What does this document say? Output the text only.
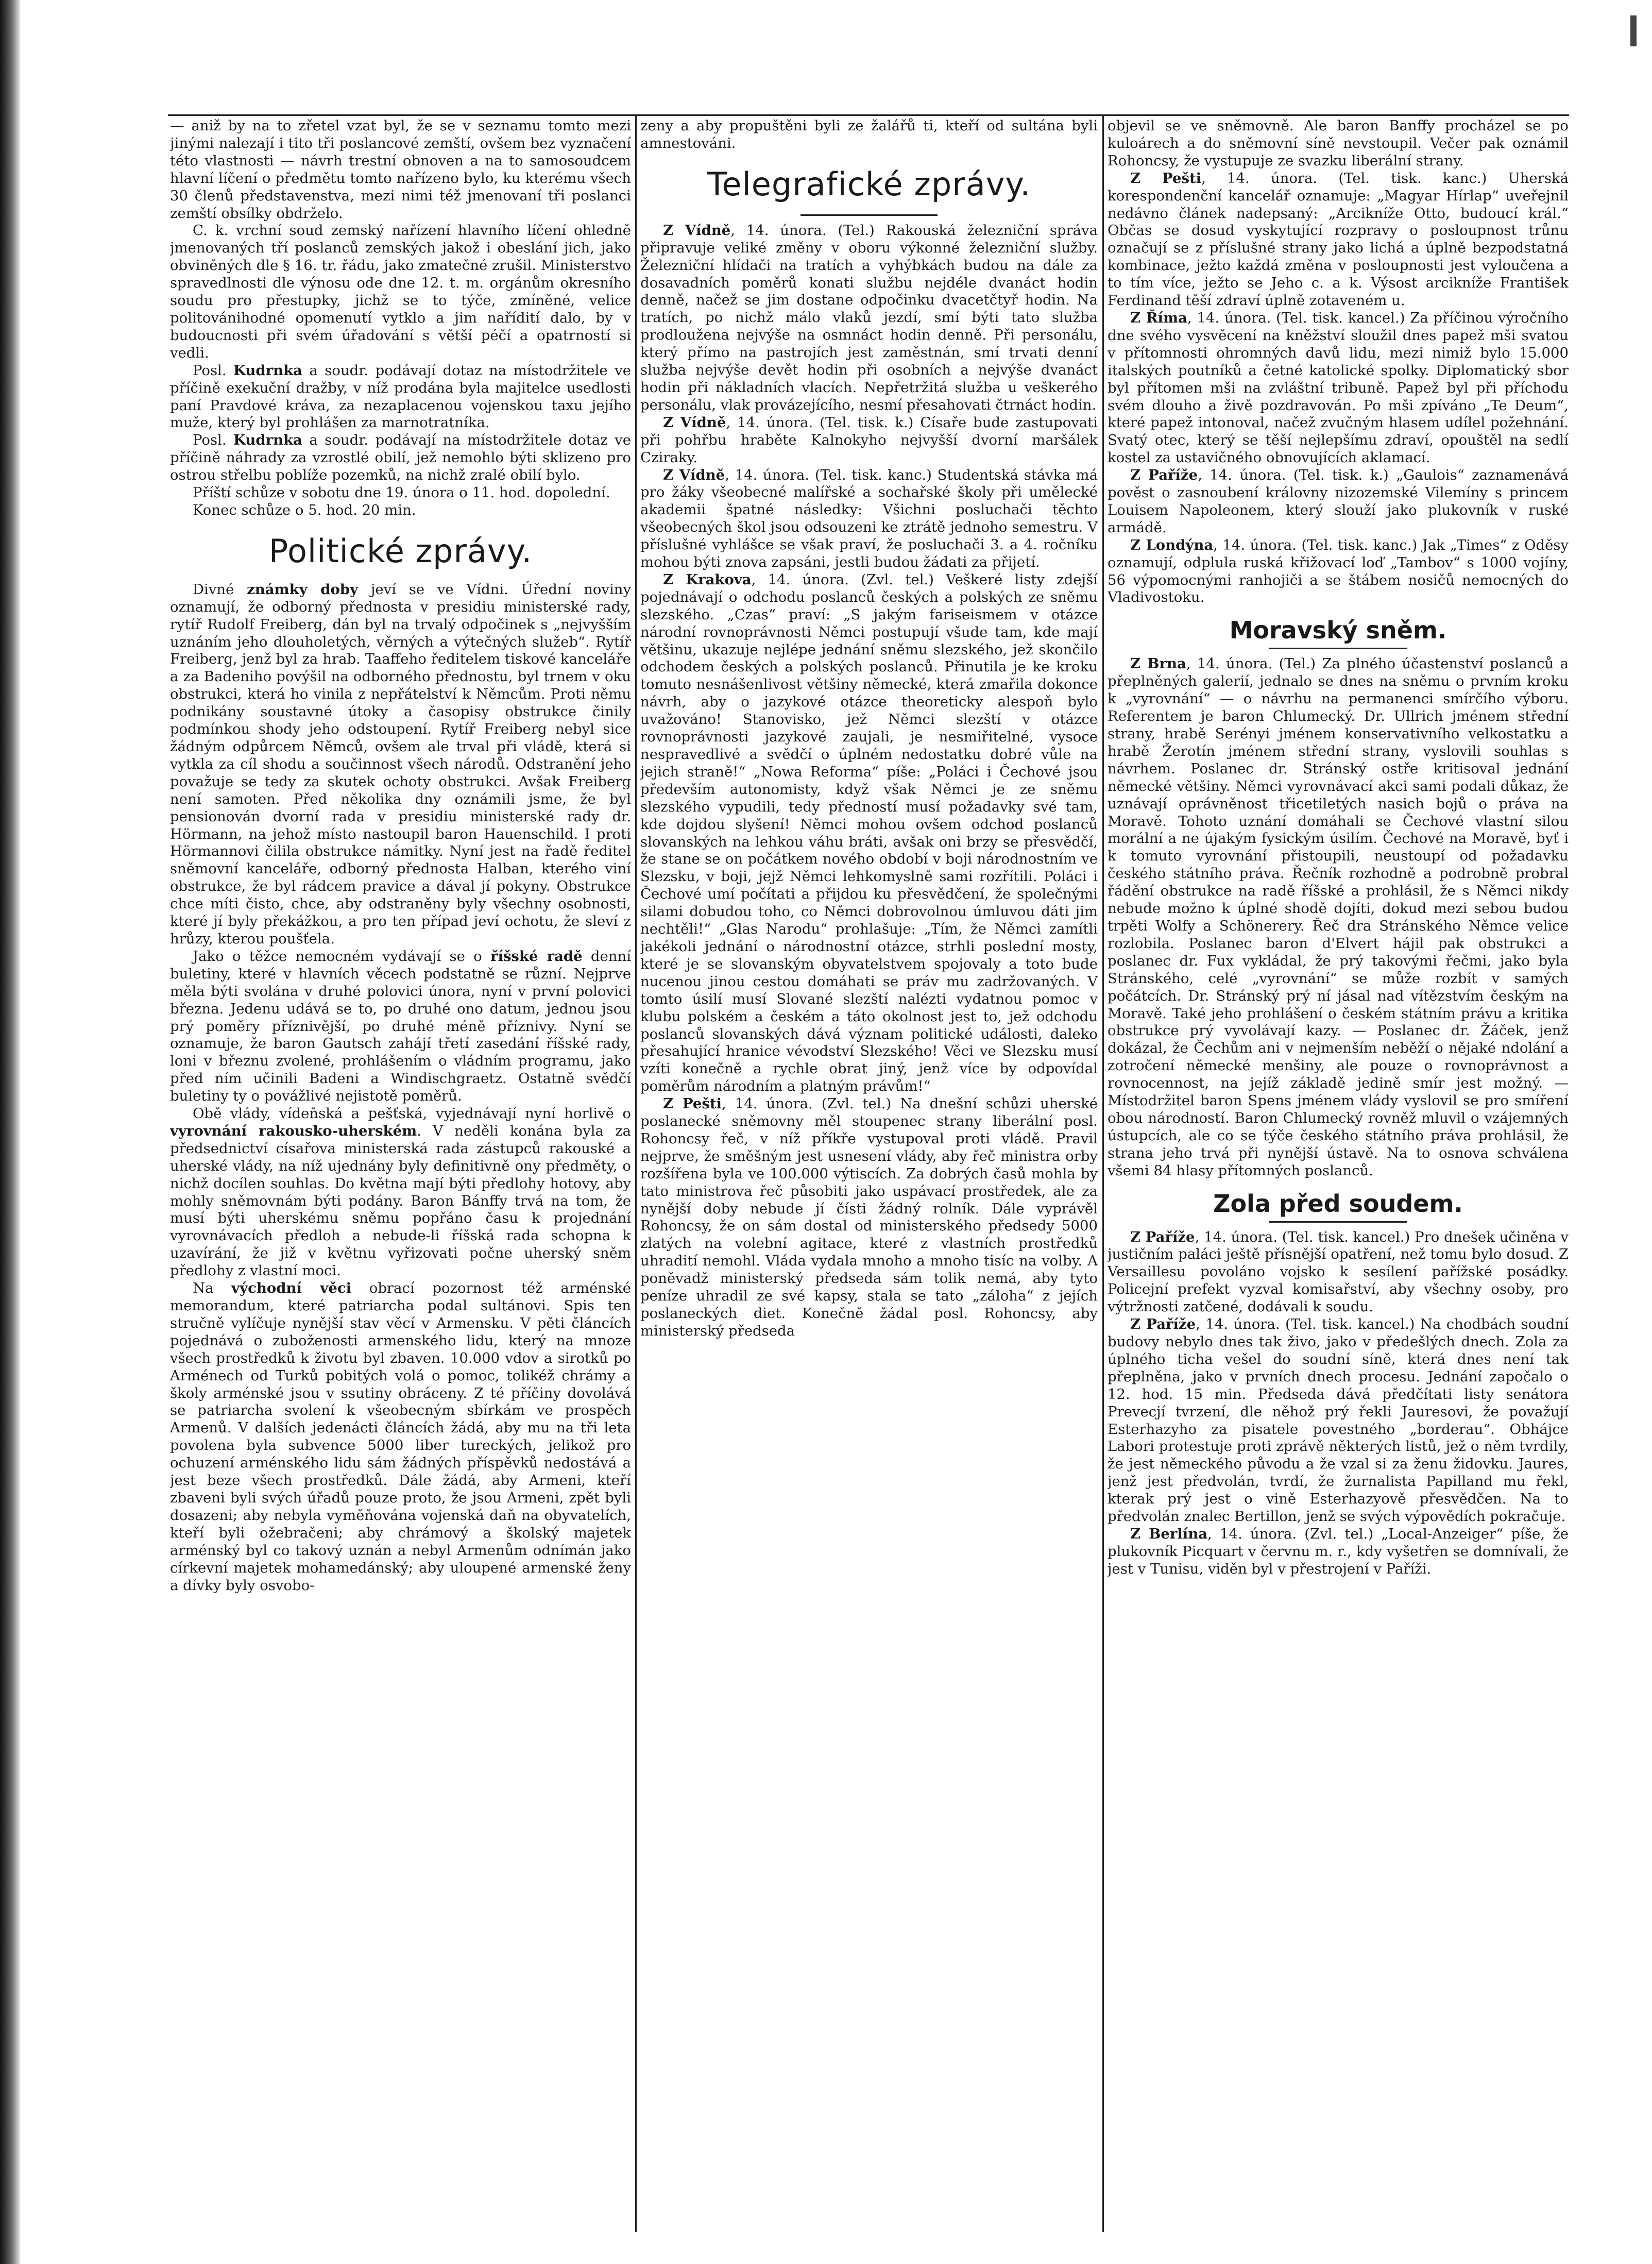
— aniž by na to zřetel vzat byl, že se v seznamu tomto mezi jinými nalezají i tito tři poslancové zemští, ovšem bez vyznačení této vlastnosti — návrh trestní obnoven a na to samosoudcem hlavní líčení o předmětu tomto nařízeno bylo, ku kterému všech 30 členů představenstva, mezi nimi též jmenovaní tři poslanci zemští obsílky obdrželo.

C. k. vrchní soud zemský nařízení hlavního líčení ohledně jmenovaných tří poslanců zemských jakož i obeslání jich, jako obviněných dle § 16. tr. řádu, jako zmatečné zrušil. Ministerstvo spravedlnosti dle výnosu ode dne 12. t. m. orgánům okresního soudu pro přestupky, jichž se to týče, zmíněné, velice politovánihodné opomenutí vytklo a jim nařídití dalo, by v budoucnosti při svém úřadování s větší péčí a opatrností si vedli.

Posl. Kudrnka a soudr. podávají dotaz na místodržitele ve příčině exekuční dražby, v níž prodána byla majitelce usedlosti paní Pravdové kráva, za nezaplacenou vojenskou taxu jejího muže, který byl prohlášen za marnotratníka.

Posl. Kudrnka a soudr. podávají na místodržitele dotaz ve příčině náhrady za vzrostlé obilí, jež nemohlo býti sklizeno pro ostrou střelbu poblíže pozemků, na nichž zralé obilí bylo.

Příští schůze v sobotu dne 19. února o 11. hod. dopolední.

Konec schůze o 5. hod. 20 min.

Politické zprávy.

Divné známky doby jeví se ve Vídni. Úřední noviny oznamují, že odborný přednosta v presidiu ministerské rady, rytíř Rudolf Freiberg, dán byl na trvalý odpočinek s „nejvyšším uznáním jeho dlouholetých, věrných a výtečných služeb“. Rytíř Freiberg, jenž byl za hrab. Taaffeho ředitelem tiskové kanceláře a za Badeniho povýšil na odborného přednostu, byl trnem v oku obstrukci, která ho vinila z nepřátelství k Němcům. Proti němu podnikány soustavné útoky a časopisy obstrukce činily podmínkou shody jeho odstoupení. Rytíř Freiberg nebyl sice žádným odpůrcem Němců, ovšem ale trval při vládě, která si vytkla za cíl shodu a součinnost všech národů. Odstranění jeho považuje se tedy za skutek ochoty obstrukci. Avšak Freiberg není samoten. Před několika dny oznámili jsme, že byl pensionován dvorní rada v presidiu ministerské rady dr. Hörmann, na jehož místo nastoupil baron Hauenschild. I proti Hörmannovi čilila obstrukce námitky. Nyní jest na řadě ředitel sněmovní kanceláře, odborný přednosta Halban, kterého viní obstrukce, že byl rádcem pravice a dával jí pokyny. Obstrukce chce míti čisto, chce, aby odstraněny byly všechny osobnosti, které jí byly překážkou, a pro ten případ jeví ochotu, že sleví z hrůzy, kterou poušťela.

Jako o těžce nemocném vydávají se o říšské radě denní buletiny, které v hlavních věcech podstatně se různí. Nejprve měla býti svolána v druhé polovici února, nyní v první polovici března. Jedenu udává se to, po druhé ono datum, jednou jsou prý poměry příznivější, po druhé méně příznivy. Nyní se oznamuje, že baron Gautsch zahájí třetí zasedání říšské rady, loni v březnu zvolené, prohlášením o vládním programu, jako před ním učinili Badeni a Windischgraetz. Ostatně svědčí buletiny ty o povážlivé nejistotě poměrů.

Obě vlády, vídeňská a pešťská, vyjednávají nyní horlivě o vyrovnání rakousko-uherském. V neděli konána byla za předsednictví císařova ministerská rada zástupců rakouské a uherské vlády, na níž ujednány byly definitivně ony předměty, o nichž docílen souhlas. Do května mají býti předlohy hotovy, aby mohly sněmovnám býti podány. Baron Bánffy trvá na tom, že musí býti uherskému sněmu popřáno času k projednání vyrovnávacích předloh a nebude-li říšská rada schopna k uzavírání, že již v květnu vyřizovati počne uherský sněm předlohy z vlastní moci.

Na východní věci obrací pozornost též arménské memorandum, které patriarcha podal sultánovi. Spis ten stručně vylíčuje nynější stav věcí v Armensku. V pěti článcích pojednává o zuboženosti armenského lidu, který na mnoze všech prostředků k životu byl zbaven. 10.000 vdov a sirotků po Arménech od Turků pobitých volá o pomoc, tolikéž chrámy a školy arménské jsou v ssutiny obráceny. Z té příčiny dovolává se patriarcha svolení k všeobecným sbírkám ve prospěch Armenů. V dalších jedenácti článcích žádá, aby mu na tři leta povolena byla subvence 5000 liber tureckých, jelikož pro ochuzení arménského lidu sám žádných příspěvků nedostává a jest beze všech prostředků. Dále žádá, aby Armeni, kteří zbaveni byli svých úřadů pouze proto, že jsou Armeni, zpět byli dosazeni; aby nebyla vyměňována vojenská daň na obyvatelích, kteří byli ožebračeni; aby chrámový a školský majetek arménský byl co takový uznán a nebyl Armenům odnímán jako církevní majetek mohamedánský; aby uloupené armenské ženy a dívky byly osvobo-

zeny a aby propuštěni byli ze žalářů ti, kteří od sultána byli amnestováni.

Telegrafické zprávy.

Z Vídně, 14. února. (Tel.) Rakouská železniční správa připravuje veliké změny v oboru výkonné železniční služby. Železniční hlídači na tratích a vyhýbkách budou na dále za dosavadních poměrů konati službu nejdéle dvanáct hodin denně, načež se jim dostane odpočinku dvacetčtyř hodin. Na tratích, po nichž málo vlaků jezdí, smí býti tato služba prodloužena nejvýše na osmnáct hodin denně. Při personálu, který přímo na pastrojích jest zaměstnán, smí trvati denní služba nejvýše devět hodin při osobních a nejvýše dvanáct hodin při nákladních vlacích. Nepřetržitá služba u veškerého personálu, vlak provázejícího, nesmí přesahovati čtrnáct hodin.

Z Vídně, 14. února. (Tel. tisk. k.) Císaře bude zastupovati při pohřbu hraběte Kalnokyho nejvyšší dvorní maršálek Cziraky.

Z Vídně, 14. února. (Tel. tisk. kanc.) Studentská stávka má pro žáky všeobecné malířské a sochařské školy při umělecké akademii špatné následky: Všichni posluchači těchto všeobecných škol jsou odsouzeni ke ztrátě jednoho semestru. V příslušné vyhlášce se však praví, že posluchači 3. a 4. ročníku mohou býti znova zapsáni, jestli budou žádati za přijetí.

Z Krakova, 14. února. (Zvl. tel.) Veškeré listy zdejší pojednávají o odchodu poslanců českých a polských ze sněmu slezského. „Czas“ praví: „S jakým fariseismem v otázce národní rovnoprávnosti Němci postupují všude tam, kde mají většinu, ukazuje nejlépe jednání sněmu slezského, jež skončilo odchodem českých a polských poslanců. Přinutila je ke kroku tomuto nesnášenlivost většiny německé, která zmařila dokonce návrh, aby o jazykové otázce theoreticky alespoň bylo uvažováno! Stanovisko, jež Němci slezští v otázce rovnoprávnosti jazykové zaujali, je nesmiřitelné, vysoce nespravedlivé a svědčí o úplném nedostatku dobré vůle na jejich straně!“ „Nowa Reforma“ píše: „Poláci i Čechové jsou především autonomisty, když však Němci je ze sněmu slezského vypudili, tedy předností musí požadavky své tam, kde dojdou slyšení! Němci mohou ovšem odchod poslanců slovanských na lehkou váhu bráti, avšak oni brzy se přesvědčí, že stane se on počátkem nového období v boji národnostním ve Slezsku, v boji, jejž Němci lehkomyslně sami rozřítili. Poláci i Čechové umí počítati a přijdou ku přesvědčení, že společnými silami dobudou toho, co Němci dobrovolnou úmluvou dáti jim nechtěli!“ „Glas Narodu“ prohlašuje: „Tím, že Němci zamítli jakékoli jednání o národnostní otázce, strhli poslední mosty, které je se slovanským obyvatelstvem spojovaly a toto bude nucenou jinou cestou domáhati se práv mu zadržovaných. V tomto úsilí musí Slované slezští nalézti vydatnou pomoc v klubu polském a českém a táto okolnost jest to, jež odchodu poslanců slovanských dává význam politické události, daleko přesahující hranice vévodství Slezského! Věci ve Slezsku musí vzíti konečně a rychle obrat jiný, jenž více by odpovídal poměrům národním a platným právům!“

Z Pešti, 14. února. (Zvl. tel.) Na dnešní schůzi uherské poslanecké sněmovny měl stoupenec strany liberální posl. Rohoncsy řeč, v níž příkře vystupoval proti vládě. Pravil nejprve, že směšným jest usnesení vlády, aby řeč ministra orby rozšířena byla ve 100.000 výtiscích. Za dobrých časů mohla by tato ministrova řeč působiti jako uspávací prostředek, ale za nynější doby nebude jí čísti žádný rolník. Dále vyprávěl Rohoncsy, že on sám dostal od ministerského předsedy 5000 zlatých na volební agitace, které z vlastních prostředků uhradití nemohl. Vláda vydala mnoho a mnoho tisíc na volby. A poněvadž ministerský předseda sám tolik nemá, aby tyto peníze uhradil ze své kapsy, stala se tato „záloha“ z jejích poslaneckých diet. Konečně žádal posl. Rohoncsy, aby ministerský předseda

objevil se ve sněmovně. Ale baron Banffy procházel se po kuloárech a do sněmovní síně nevstoupil. Večer pak oznámil Rohoncsy, že vystupuje ze svazku liberální strany.

Z Pešti, 14. února. (Tel. tisk. kanc.) Uherská korespondenční kancelář oznamuje: „Magyar Hírlap“ uveřejnil nedávno článek nadepsaný: „Arcikníže Otto, budoucí král.“ Občas se dosud vyskytující rozpravy o posloupnost trůnu označují se z příslušné strany jako lichá a úplně bezpodstatná kombinace, ježto každá změna v posloupnosti jest vyloučena a to tím více, ježto se Jeho c. a k. Výsost arcikníže František Ferdinand těší zdraví úplně zotaveném u.

Z Říma, 14. února. (Tel. tisk. kancel.) Za příčinou výročního dne svého vysvěcení na kněžství sloužil dnes papež mši svatou v přítomnosti ohromných davů lidu, mezi nimiž bylo 15.000 italských poutníků a četné katolické spolky. Diplomatický sbor byl přítomen mši na zvláštní tribuně. Papež byl při příchodu svém dlouho a živě pozdravován. Po mši zpíváno „Te Deum“, které papež intonoval, načež zvučným hlasem udílel požehnání. Svatý otec, který se těší nejlepšímu zdraví, opouštěl na sedlí kostel za ustavičného obnovujících aklamací.

Z Paříže, 14. února. (Tel. tisk. k.) „Gaulois“ zaznamenává pověst o zasnoubení královny nizozemské Vilemíny s princem Louisem Napoleonem, který slouží jako plukovník v ruské armádě.

Z Londýna, 14. února. (Tel. tisk. kanc.) Jak „Times“ z Oděsy oznamují, odplula ruská křižovací loď „Tambov“ s 1000 vojíny, 56 výpomocnými ranhojiči a se štábem nosičů nemocných do Vladivostoku.

Moravský sněm.

Z Brna, 14. února. (Tel.) Za plného účastenství poslanců a přeplněných galerií, jednalo se dnes na sněmu o prvním kroku k „vyrovnání“ — o návrhu na permanenci smírčího výboru. Referentem je baron Chlumecký. Dr. Ullrich jménem střední strany, hrabě Serényi jménem konservativního velkostatku a hrabě Žerotín jménem střední strany, vyslovili souhlas s návrhem. Poslanec dr. Stránský ostře kritisoval jednání německé většiny. Němci vyrovnávací akci sami podali důkaz, že uznávají oprávněnost třicetiletých nasich bojů o práva na Moravě. Tohoto uznání domáhali se Čechové vlastní silou morální a ne újakým fysickým úsilím. Čechové na Moravě, byť i k tomuto vyrovnání přistoupili, neustoupí od požadavku českého státního práva. Řečník rozhodně a podrobně probral řádění obstrukce na radě říšské a prohlásil, že s Němci nikdy nebude možno k úplné shodě dojíti, dokud mezi sebou budou trpěti Wolfy a Schönerery. Řeč dra Stránského Němce velice rozlobila. Poslanec baron d'Elvert hájil pak obstrukci a poslanec dr. Fux vykládal, že prý takovými řečmi, jako byla Stránského, celé „vyrovnání“ se může rozbít v samých počátcích. Dr. Stránský prý ní jásal nad vítězstvím českým na Moravě. Také jeho prohlášení o českém státním právu a kritika obstrukce prý vyvolávají kazy. — Poslanec dr. Žáček, jenž dokázal, že Čechům ani v nejmenším neběží o nějaké ndolání a zotročení německé menšiny, ale pouze o rovnoprávnost a rovnocennost, na jejíž základě jedině smír jest možný. — Místodržitel baron Spens jménem vlády vyslovil se pro smíření obou národností. Baron Chlumecký rovněž mluvil o vzájemných ústupcích, ale co se týče českého státního práva prohlásil, že strana jeho trvá při nynější ústavě. Na to osnova schválena všemi 84 hlasy přítomných poslanců.

Zola před soudem.

Z Paříže, 14. února. (Tel. tisk. kancel.) Pro dnešek učiněna v justičním paláci ještě přísnější opatření, než tomu bylo dosud. Z Versaillesu povoláno vojsko k sesílení pařížské posádky. Policejní prefekt vyzval komisařství, aby všechny osoby, pro výtržnosti zatčené, dodávali k soudu.

Z Paříže, 14. února. (Tel. tisk. kancel.) Na chodbách soudní budovy nebylo dnes tak živo, jako v předešlých dnech. Zola za úplného ticha vešel do soudní síně, která dnes není tak přeplněna, jako v prvních dnech procesu. Jednání započalo o 12. hod. 15 min. Předseda dává předčítati listy senátora Prevecjí tvrzení, dle něhož prý řekli Jauresovi, že považují Esterhazyho za pisatele povestného „borderau“. Obhájce Labori protestuje proti zprávě některých listů, jež o něm tvrdily, že jest německého původu a že vzal si za ženu židovku. Jaures, jenž jest předvolán, tvrdí, že žurnalista Papilland mu řekl, kterak prý jest o vině Esterhazyově přesvědčen. Na to předvolán znalec Bertillon, jenž se svých výpovědích pokračuje.

Z Berlína, 14. února. (Zvl. tel.) „Local-Anzeiger“ píše, že plukovník Picquart v červnu m. r., kdy vyšetřen se domnívali, že jest v Tunisu, viděn byl v přestrojení v Paříži.
